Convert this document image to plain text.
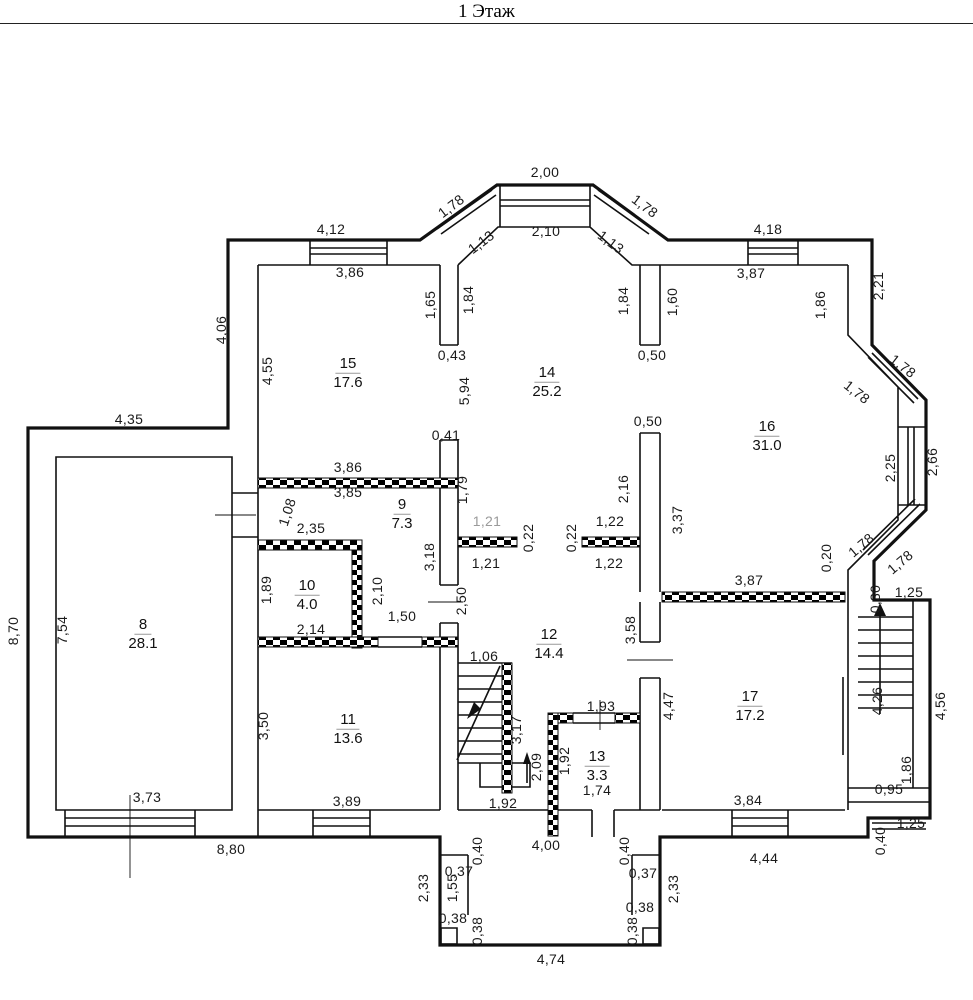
1 Этаж
2,00
1,78
1,13 2,10
1,78
1,13
4,12
3,86
4,06
4,55
1,65 1,84
0,43
5,94
0,41
4,18
3,87
1,84 1,60	1,86
2,21
0,50
0,50
1,78
1,78
2,25 2,66
1,78
1,78
0,20
0,30 1,25
4,35
8,70 7,54
3,73
8,80
3,86
3,85
1,08
2,35
1,89	2,10
2,14
1,50
3,18
2,50
1,79
1,21
0,22
1,21
2,16
1,22
0,22
1,22
3,37
3,58
1,06
3,17
2,09 1,92
1,93
1,74
1,92
3,50
3,89
3,87
4,47
3,84
4,26	4,56
1,86
0,95
1,25
0,40
4,44
4,00
0,40	0,40
0,37	0,37
1,55
2,33	2,33
0,38 0,38
0,38
0,38
4,74
8
28.1
9
7.3
10
4.0
11
13.6
12
14.4
13
3.3
14
25.2
15
17.6
16
31.0
17
17.2
